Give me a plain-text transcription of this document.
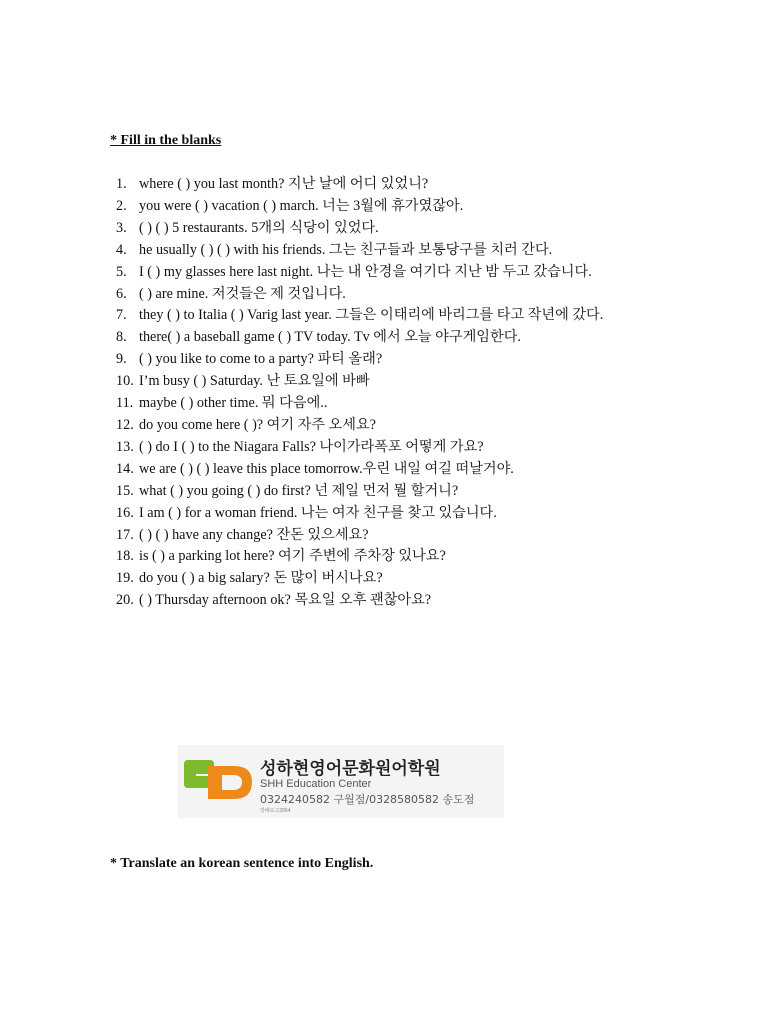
* Fill in the blanks
1. where ( ) you last month? 지난 날에 어디 있었니?
2. you were ( ) vacation ( ) march. 너는 3월에 휴가였잖아.
3. ( ) ( ) 5 restaurants. 5개의 식당이 있었다.
4. he usually ( ) ( ) with his friends. 그는 친구들과 보통당구를 치러 간다.
5. I ( ) my glasses here last night. 나는 내 안경을 여기다 지난 밤 두고 갔습니다.
6. ( ) are mine. 저것들은 제 것입니다.
7. they ( ) to Italia ( ) Varig last year. 그들은 이태리에 바리그를 타고 작년에 갔다.
8. there( ) a baseball game ( ) TV today. Tv 에서 오늘 야구게임한다.
9. ( ) you like to come to a party? 파티 올래?
10. I’m busy ( ) Saturday. 난 토요일에 바빠
11. maybe ( ) other time. 뭐 다음에..
12. do you come here ( )? 여기 자주 오세요?
13. ( ) do I ( ) to the Niagara Falls? 나이가라폭포 어떻게 가요?
14. we are ( ) ( ) leave this place tomorrow.우린 내일 여길 떠날거야.
15. what ( ) you going ( ) do first? 넌 제일 먼저 뭘 할거니?
16. I am ( ) for a woman friend. 나는 여자 친구를 찾고 있습니다.
17. ( ) ( ) have any change? 잔돈 있으세요?
18. is ( ) a parking lot here? 여기 주변에 주차장 있나요?
19. do you ( ) a big salary? 돈 많이 버시나요?
20. ( ) Thursday afternoon ok? 목요일 오후 괜찮아요?
성하현영어문화원어학원
SHH Education Center
0324240582 구월점/0328580582 송도점
방배로고2864
* Translate an korean sentence into English.
